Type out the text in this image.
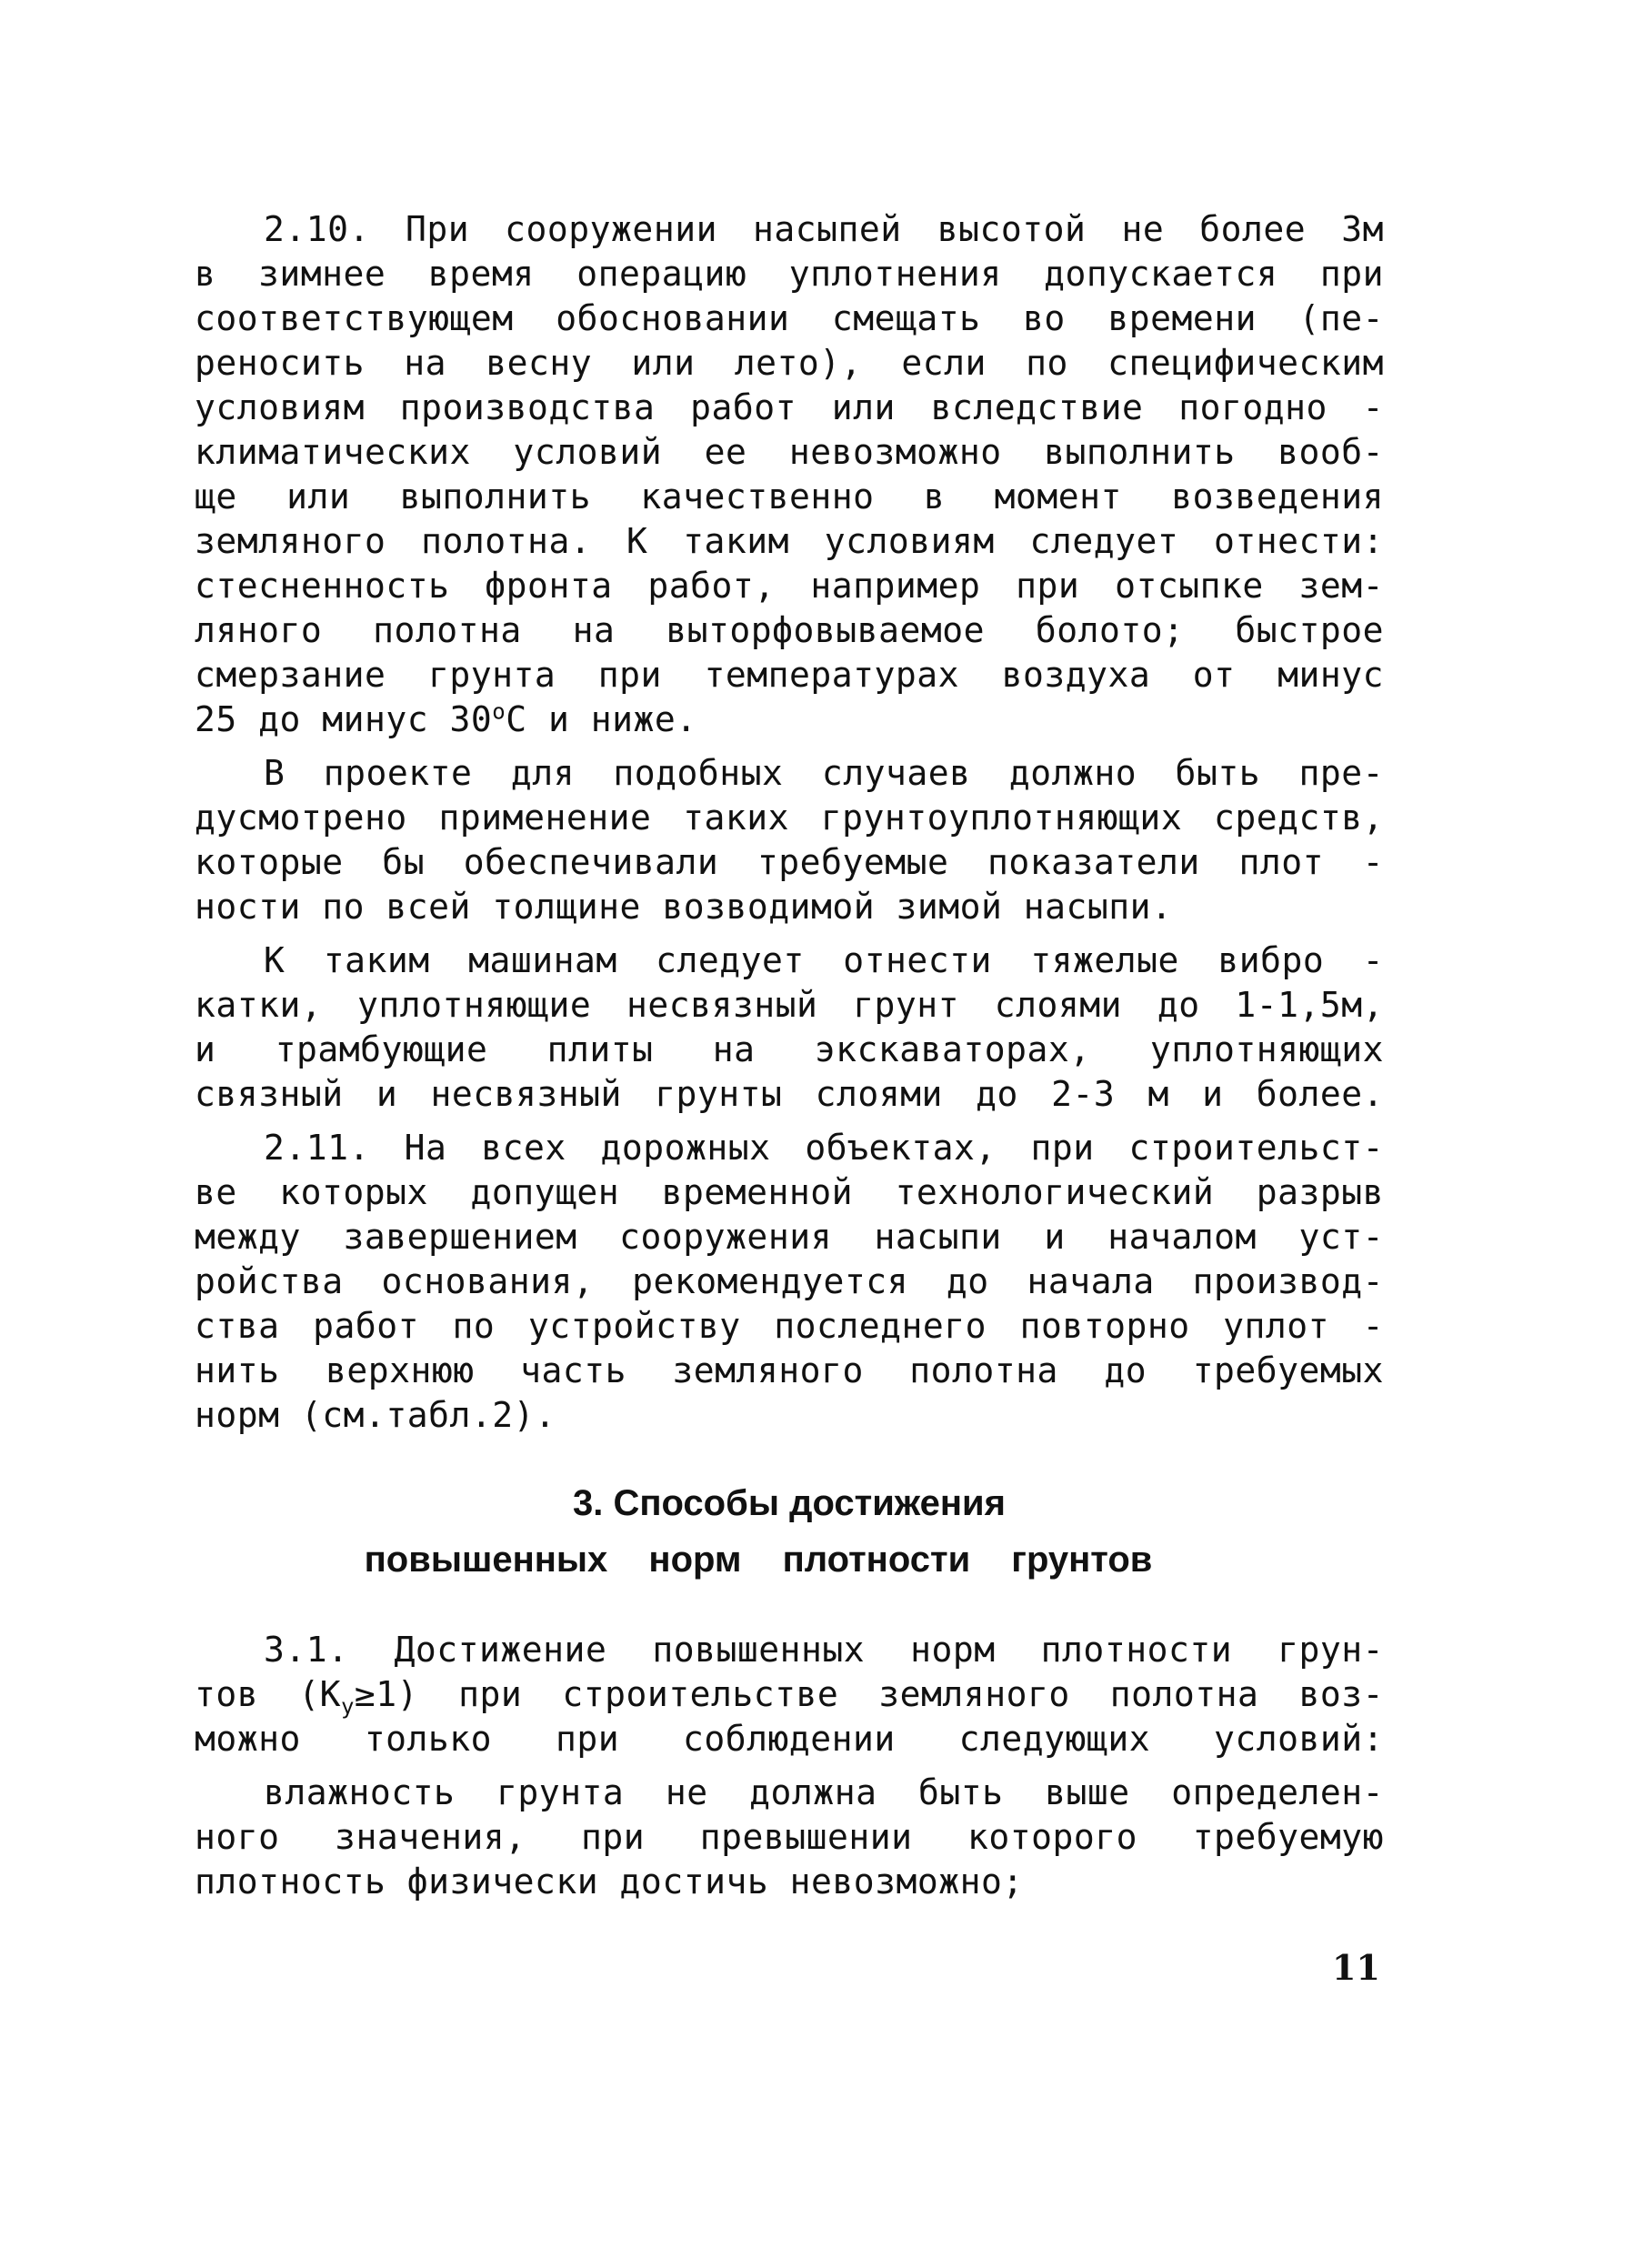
2.10. При сооружении насыпей высотой не более 3м
в зимнее время операцию уплотнения допускается при
соответствующем обосновании смещать во времени (пе-
реносить на весну или лето), если по специфическим
условиям производства работ или вследствие погодно -
климатических условий ее невозможно выполнить вооб-
ще или выполнить качественно в момент возведения
земляного полотна. К таким условиям следует отнести:
стесненность фронта работ, например при отсыпке зем-
ляного полотна на выторфовываемое болото; быстрое
смерзание грунта при температурах воздуха от минус
25 до минус 30$^o$С и ниже.
В проекте для подобных случаев должно быть пре-
дусмотрено применение таких грунтоуплотняющих средств,
которые бы обеспечивали требуемые показатели плот -
ности по всей толщине возводимой зимой насыпи.
К таким машинам следует отнести тяжелые вибро -
катки, уплотняющие несвязный грунт слоями до 1-1,5м,
и трамбующие плиты на экскаваторах, уплотняющих
связный и несвязный грунты слоями до 2-3 м и более.
2.11. На всех дорожных объектах, при строительст-
ве которых допущен временной технологический разрыв
между завершением сооружения насыпи и началом уст-
ройства основания, рекомендуется до начала производ-
ства работ по устройству последнего повторно уплот -
нить верхнюю часть земляного полотна до требуемых
норм (см.табл.2).
3. Способы достижения
повышенных норм плотности грунтов
3.1. Достижение повышенных норм плотности грун-
тов $(К_у\ge 1)$ при строительстве земляного полотна воз-
можно только при соблюдении следующих условий:
влажность грунта не должна быть выше определен-
ного значения, при превышении которого требуемую
плотность физически достичь невозможно;
11
